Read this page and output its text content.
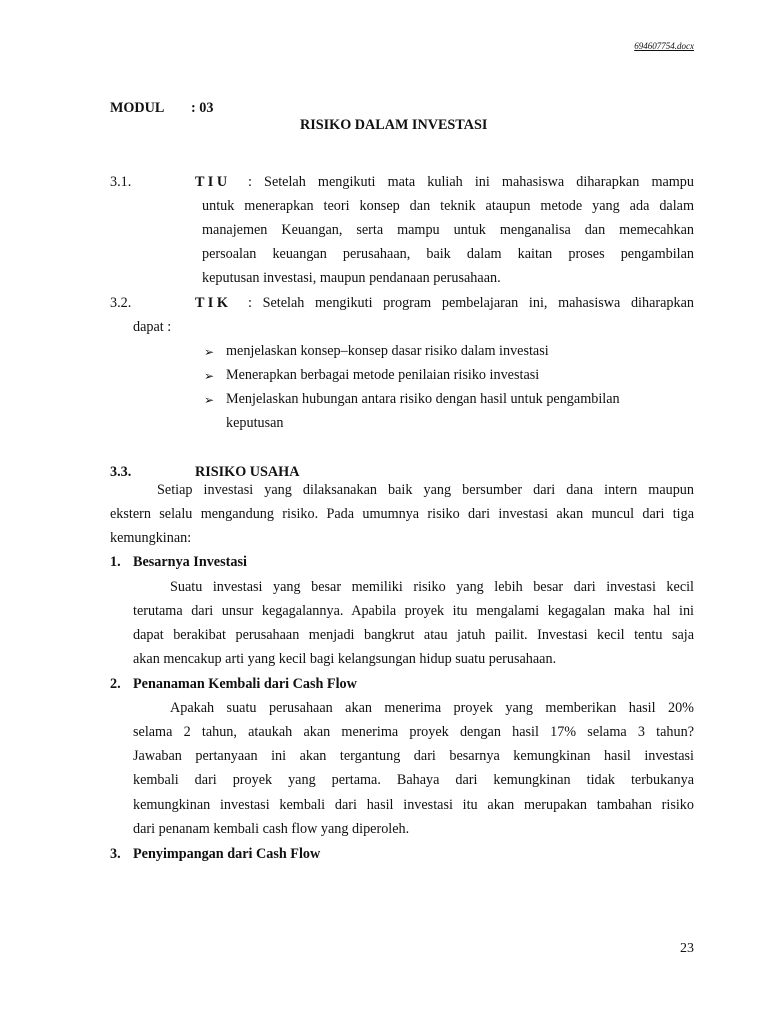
694607754.docx
MODUL : 03
RISIKO DALAM INVESTASI
3.1.	T I U : Setelah mengikuti mata kuliah ini mahasiswa diharapkan mampu
untuk menerapkan teori konsep dan teknik ataupun metode yang ada dalam
manajemen Keuangan, serta mampu untuk menganalisa dan memecahkan
persoalan keuangan perusahaan, baik dalam kaitan proses pengambilan
keputusan investasi, maupun pendanaan perusahaan.
3.2.	T I K : Setelah mengikuti program pembelajaran ini, mahasiswa diharapkan
dapat :
➢ menjelaskan konsep–konsep dasar risiko dalam investasi
➢ Menerapkan berbagai metode penilaian risiko investasi
➢ Menjelaskan hubungan antara risiko dengan hasil untuk pengambilan
keputusan
3.3.	RISIKO USAHA
Setiap investasi yang dilaksanakan baik yang bersumber dari dana intern maupun
ekstern selalu mengandung risiko. Pada umumnya risiko dari investasi akan muncul dari tiga
kemungkinan:
1. Besarnya Investasi
Suatu investasi yang besar memiliki risiko yang lebih besar dari investasi kecil
terutama dari unsur kegagalannya. Apabila proyek itu mengalami kegagalan maka hal ini
dapat berakibat perusahaan menjadi bangkrut atau jatuh pailit. Investasi kecil tentu saja
akan mencakup arti yang kecil bagi kelangsungan hidup suatu perusahaan.
2. Penanaman Kembali dari Cash Flow
Apakah suatu perusahaan akan menerima proyek yang memberikan hasil 20%
selama 2 tahun, ataukah akan menerima proyek dengan hasil 17% selama 3 tahun?
Jawaban pertanyaan ini akan tergantung dari besarnya kemungkinan hasil investasi
kembali dari proyek yang pertama. Bahaya dari kemungkinan tidak terbukanya
kemungkinan investasi kembali dari hasil investasi itu akan merupakan tambahan risiko
dari penanam kembali cash flow yang diperoleh.
3. Penyimpangan dari Cash Flow
23
